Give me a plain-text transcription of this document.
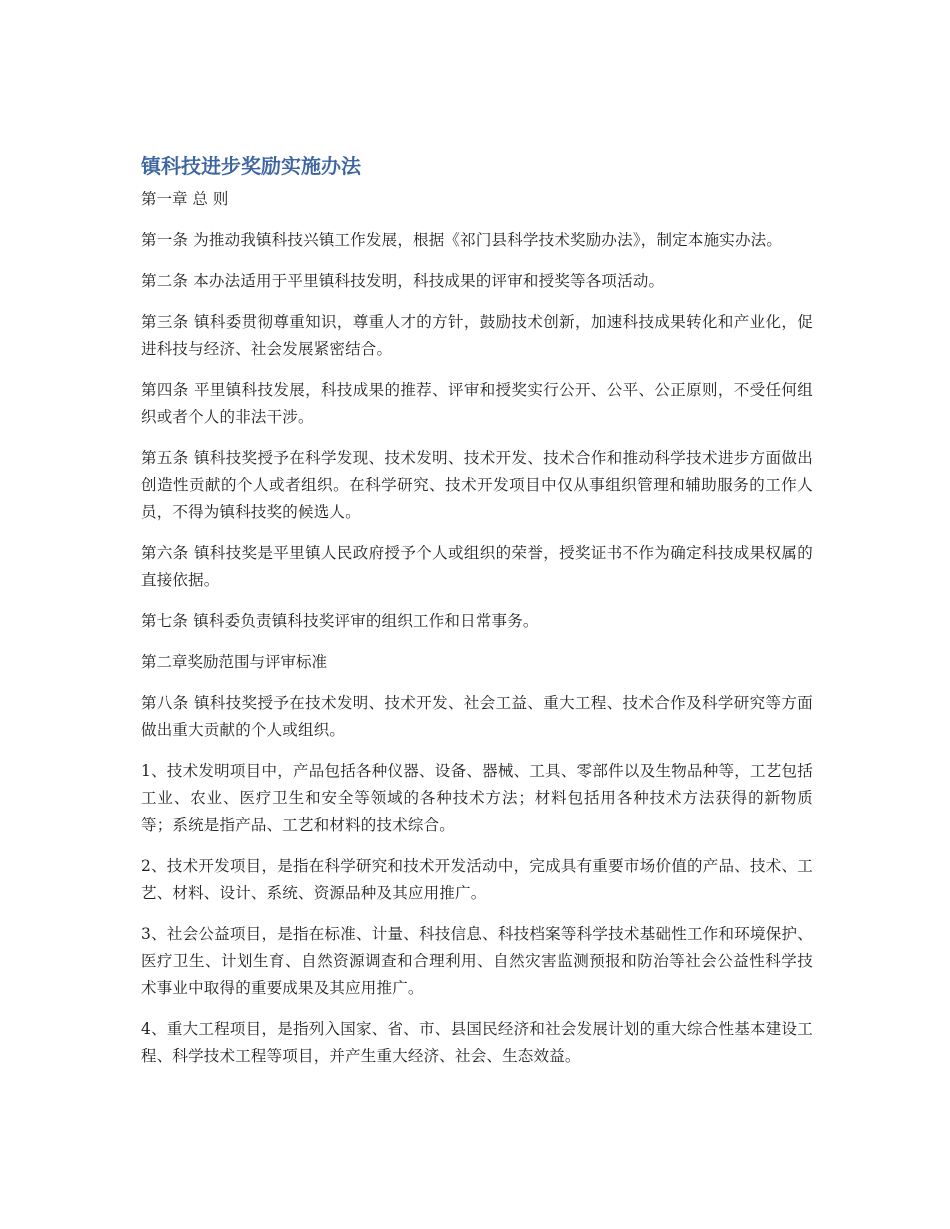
镇科技进步奖励实施办法

第一章 总 则

第一条 为推动我镇科技兴镇工作发展，根据《祁门县科学技术奖励办法》，制定本施实办法。

第二条 本办法适用于平里镇科技发明，科技成果的评审和授奖等各项活动。

第三条 镇科委贯彻尊重知识，尊重人才的方针，鼓励技术创新，加速科技成果转化和产业化，促进科技与经济、社会发展紧密结合。

第四条 平里镇科技发展，科技成果的推荐、评审和授奖实行公开、公平、公正原则，不受任何组织或者个人的非法干涉。

第五条 镇科技奖授予在科学发现、技术发明、技术开发、技术合作和推动科学技术进步方面做出创造性贡献的个人或者组织。在科学研究、技术开发项目中仅从事组织管理和辅助服务的工作人员，不得为镇科技奖的候选人。

第六条 镇科技奖是平里镇人民政府授予个人或组织的荣誉，授奖证书不作为确定科技成果权属的直接依据。

第七条 镇科委负责镇科技奖评审的组织工作和日常事务。

第二章奖励范围与评审标准

第八条 镇科技奖授予在技术发明、技术开发、社会工益、重大工程、技术合作及科学研究等方面做出重大贡献的个人或组织。

1、技术发明项目中，产品包括各种仪器、设备、器械、工具、零部件以及生物品种等，工艺包括工业、农业、医疗卫生和安全等领域的各种技术方法；材料包括用各种技术方法获得的新物质等；系统是指产品、工艺和材料的技术综合。

2、技术开发项目，是指在科学研究和技术开发活动中，完成具有重要市场价值的产品、技术、工艺、材料、设计、系统、资源品种及其应用推广。

3、社会公益项目，是指在标准、计量、科技信息、科技档案等科学技术基础性工作和环境保护、医疗卫生、计划生育、自然资源调查和合理利用、自然灾害监测预报和防治等社会公益性科学技术事业中取得的重要成果及其应用推广。

4、重大工程项目，是指列入国家、省、市、县国民经济和社会发展计划的重大综合性基本建设工程、科学技术工程等项目，并产生重大经济、社会、生态效益。
